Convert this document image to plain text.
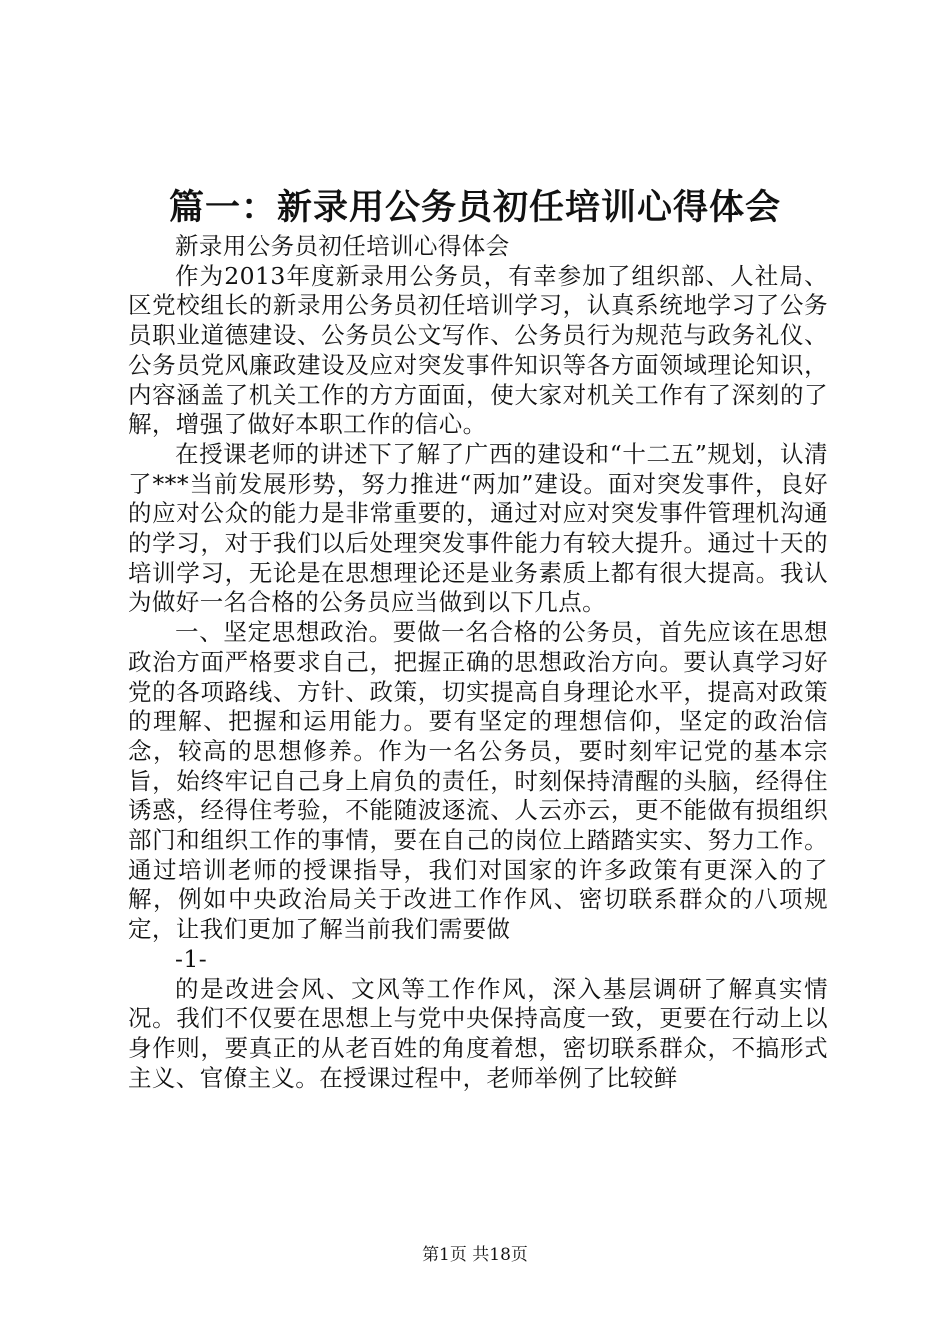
篇一：新录用公务员初任培训心得体会

新录用公务员初任培训心得体会

作为2013年度新录用公务员，有幸参加了组织部、人社局、区党校组长的新录用公务员初任培训学习，认真系统地学习了公务员职业道德建设、公务员公文写作、公务员行为规范与政务礼仪、公务员党风廉政建设及应对突发事件知识等各方面领域理论知识，内容涵盖了机关工作的方方面面，使大家对机关工作有了深刻的了解，增强了做好本职工作的信心。

在授课老师的讲述下了解了广西的建设和“十二五”规划，认清了***当前发展形势，努力推进“两加”建设。面对突发事件，良好的应对公众的能力是非常重要的，通过对应对突发事件管理机沟通的学习，对于我们以后处理突发事件能力有较大提升。通过十天的培训学习，无论是在思想理论还是业务素质上都有很大提高。我认为做好一名合格的公务员应当做到以下几点。

一、坚定思想政治。要做一名合格的公务员，首先应该在思想政治方面严格要求自己，把握正确的思想政治方向。要认真学习好党的各项路线、方针、政策，切实提高自身理论水平，提高对政策的理解、把握和运用能力。要有坚定的理想信仰，坚定的政治信念，较高的思想修养。作为一名公务员，要时刻牢记党的基本宗旨，始终牢记自己身上肩负的责任，时刻保持清醒的头脑，经得住诱惑，经得住考验，不能随波逐流、人云亦云，更不能做有损组织部门和组织工作的事情，要在自己的岗位上踏踏实实、努力工作。通过培训老师的授课指导，我们对国家的许多政策有更深入的了解，例如中央政治局关于改进工作作风、密切联系群众的八项规定，让我们更加了解当前我们需要做

-1-

的是改进会风、文风等工作作风，深入基层调研了解真实情况。我们不仅要在思想上与党中央保持高度一致，更要在行动上以身作则，要真正的从老百姓的角度着想，密切联系群众，不搞形式主义、官僚主义。在授课过程中，老师举例了比较鲜

第1页 共18页
